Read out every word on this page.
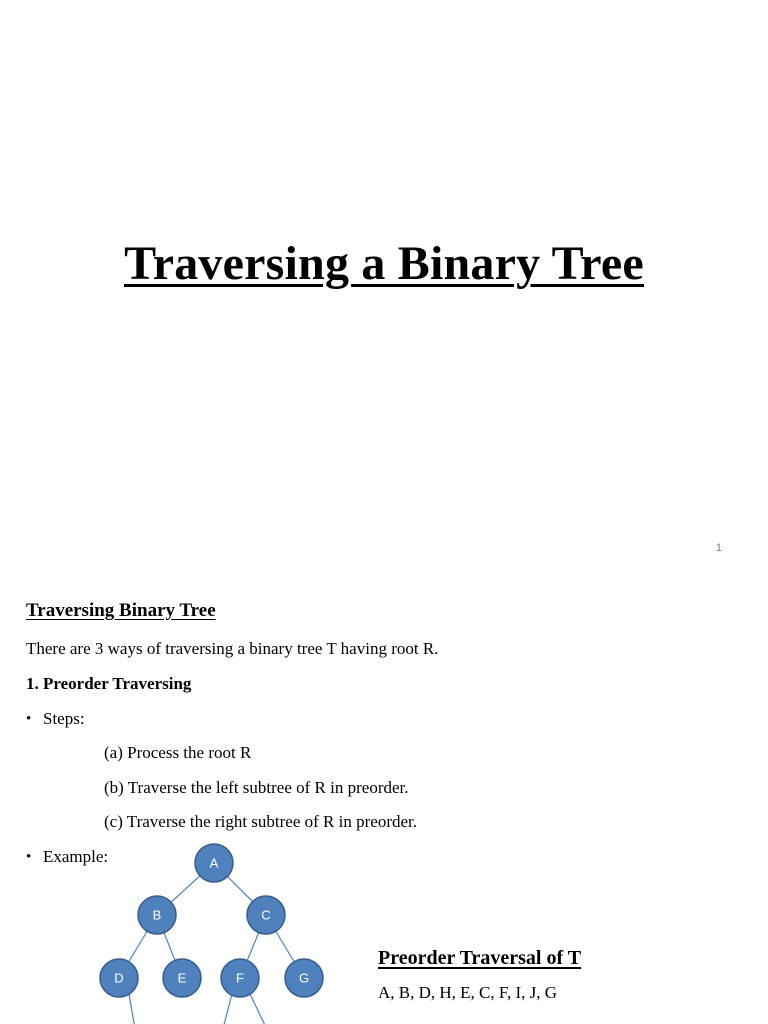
Traversing a Binary Tree
1
Traversing Binary Tree

There are 3 ways of traversing a binary tree T having root R.

1. Preorder Traversing

• Steps:

(a) Process the root R

(b) Traverse the left subtree of R in preorder.

(c) Traverse the right subtree of R in preorder.

• Example:	A
B	C
D	E	F	G
Preorder Traversal of T

A, B, D, H, E, C, F, I, J, G
